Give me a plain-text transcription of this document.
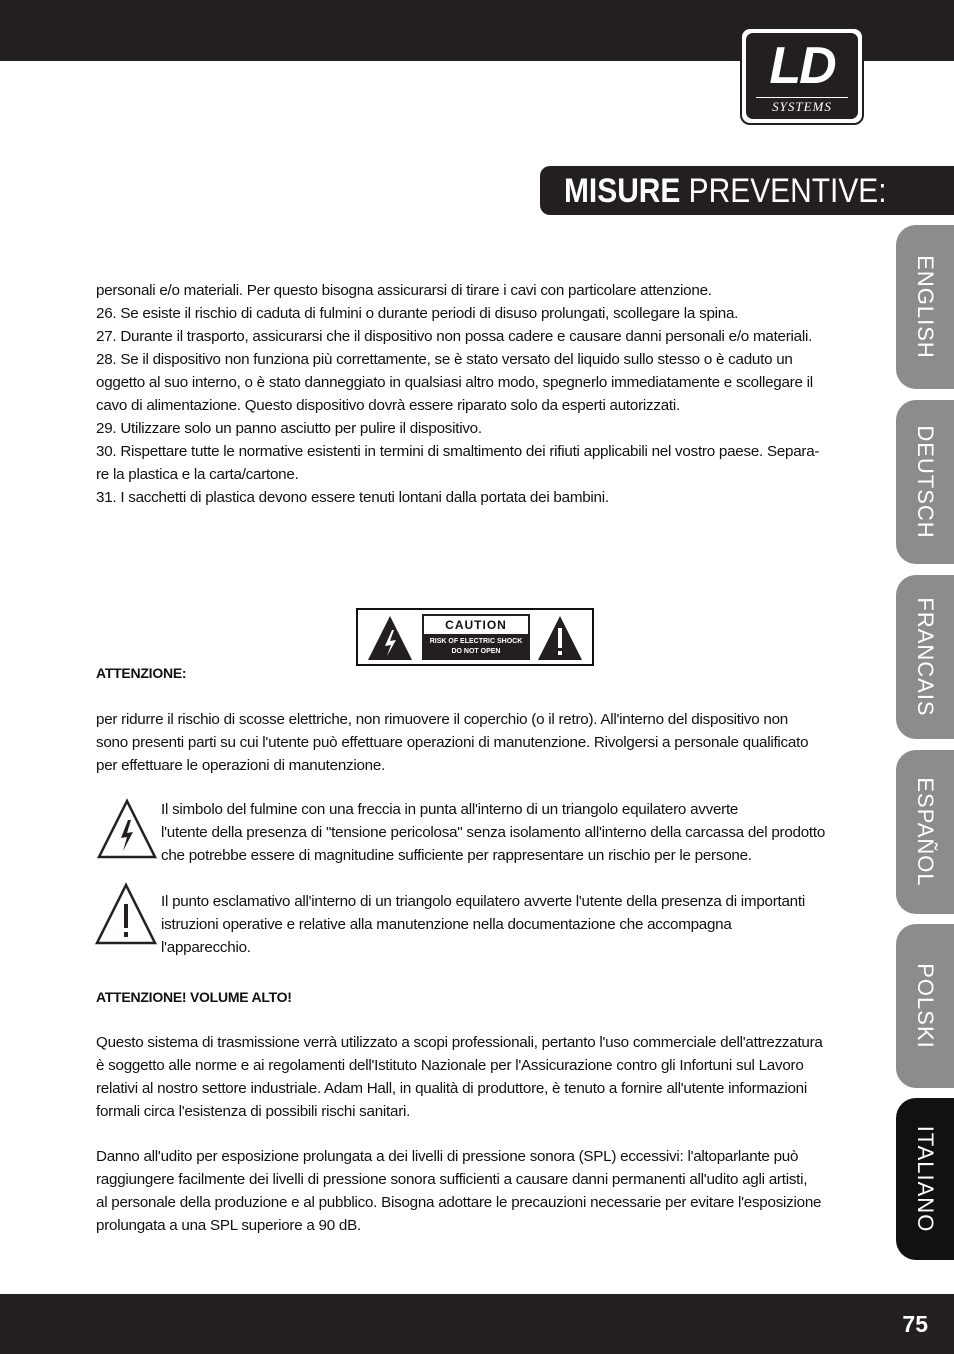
LD
SYSTEMS
MISURE PREVENTIVE:
ENGLISH
DEUTSCH
FRANCAIS
ESPAÑOL
POLSKI
ITALIANO
personali e/o materiali. Per questo bisogna assicurarsi di tirare i cavi con particolare attenzione.
26. Se esiste il rischio di caduta di fulmini o durante periodi di disuso prolungati, scollegare la spina.
27. Durante il trasporto, assicurarsi che il dispositivo non possa cadere e causare danni personali e/o materiali.
28. Se il dispositivo non funziona più correttamente, se è stato versato del liquido sullo stesso o è caduto un
oggetto al suo interno, o è stato danneggiato in qualsiasi altro modo, spegnerlo immediatamente e scollegare il
cavo di alimentazione. Questo dispositivo dovrà essere riparato solo da esperti autorizzati.
29. Utilizzare solo un panno asciutto per pulire il dispositivo.
30. Rispettare tutte le normative esistenti in termini di smaltimento dei rifiuti applicabili nel vostro paese. Separa-
re la plastica e la carta/cartone.
31. I sacchetti di plastica devono essere tenuti lontani dalla portata dei bambini.
CAUTION
RISK OF ELECTRIC SHOCK
DO NOT OPEN
ATTENZIONE:
per ridurre il rischio di scosse elettriche, non rimuovere il coperchio (o il retro). All'interno del dispositivo non
sono presenti parti su cui l'utente può effettuare operazioni di manutenzione. Rivolgersi a personale qualificato
per effettuare le operazioni di manutenzione.
Il simbolo del fulmine con una freccia in punta all'interno di un triangolo equilatero avverte
l'utente della presenza di "tensione pericolosa" senza isolamento all'interno della carcassa del prodotto
che potrebbe essere di magnitudine sufficiente per rappresentare un rischio per le persone.
Il punto esclamativo all'interno di un triangolo equilatero avverte l'utente della presenza di importanti
istruzioni operative e relative alla manutenzione nella documentazione che accompagna
l'apparecchio.
ATTENZIONE! VOLUME ALTO!
Questo sistema di trasmissione verrà utilizzato a scopi professionali, pertanto l'uso commerciale dell'attrezzatura
è soggetto alle norme e ai regolamenti dell'Istituto Nazionale per l'Assicurazione contro gli Infortuni sul Lavoro
relativi al nostro settore industriale. Adam Hall, in qualità di produttore, è tenuto a fornire all'utente informazioni
formali circa l'esistenza di possibili rischi sanitari.
Danno all'udito per esposizione prolungata a dei livelli di pressione sonora (SPL) eccessivi: l'altoparlante può
raggiungere facilmente dei livelli di pressione sonora sufficienti a causare danni permanenti all'udito agli artisti,
al personale della produzione e al pubblico. Bisogna adottare le precauzioni necessarie per evitare l'esposizione
prolungata a una SPL superiore a 90 dB.
75
